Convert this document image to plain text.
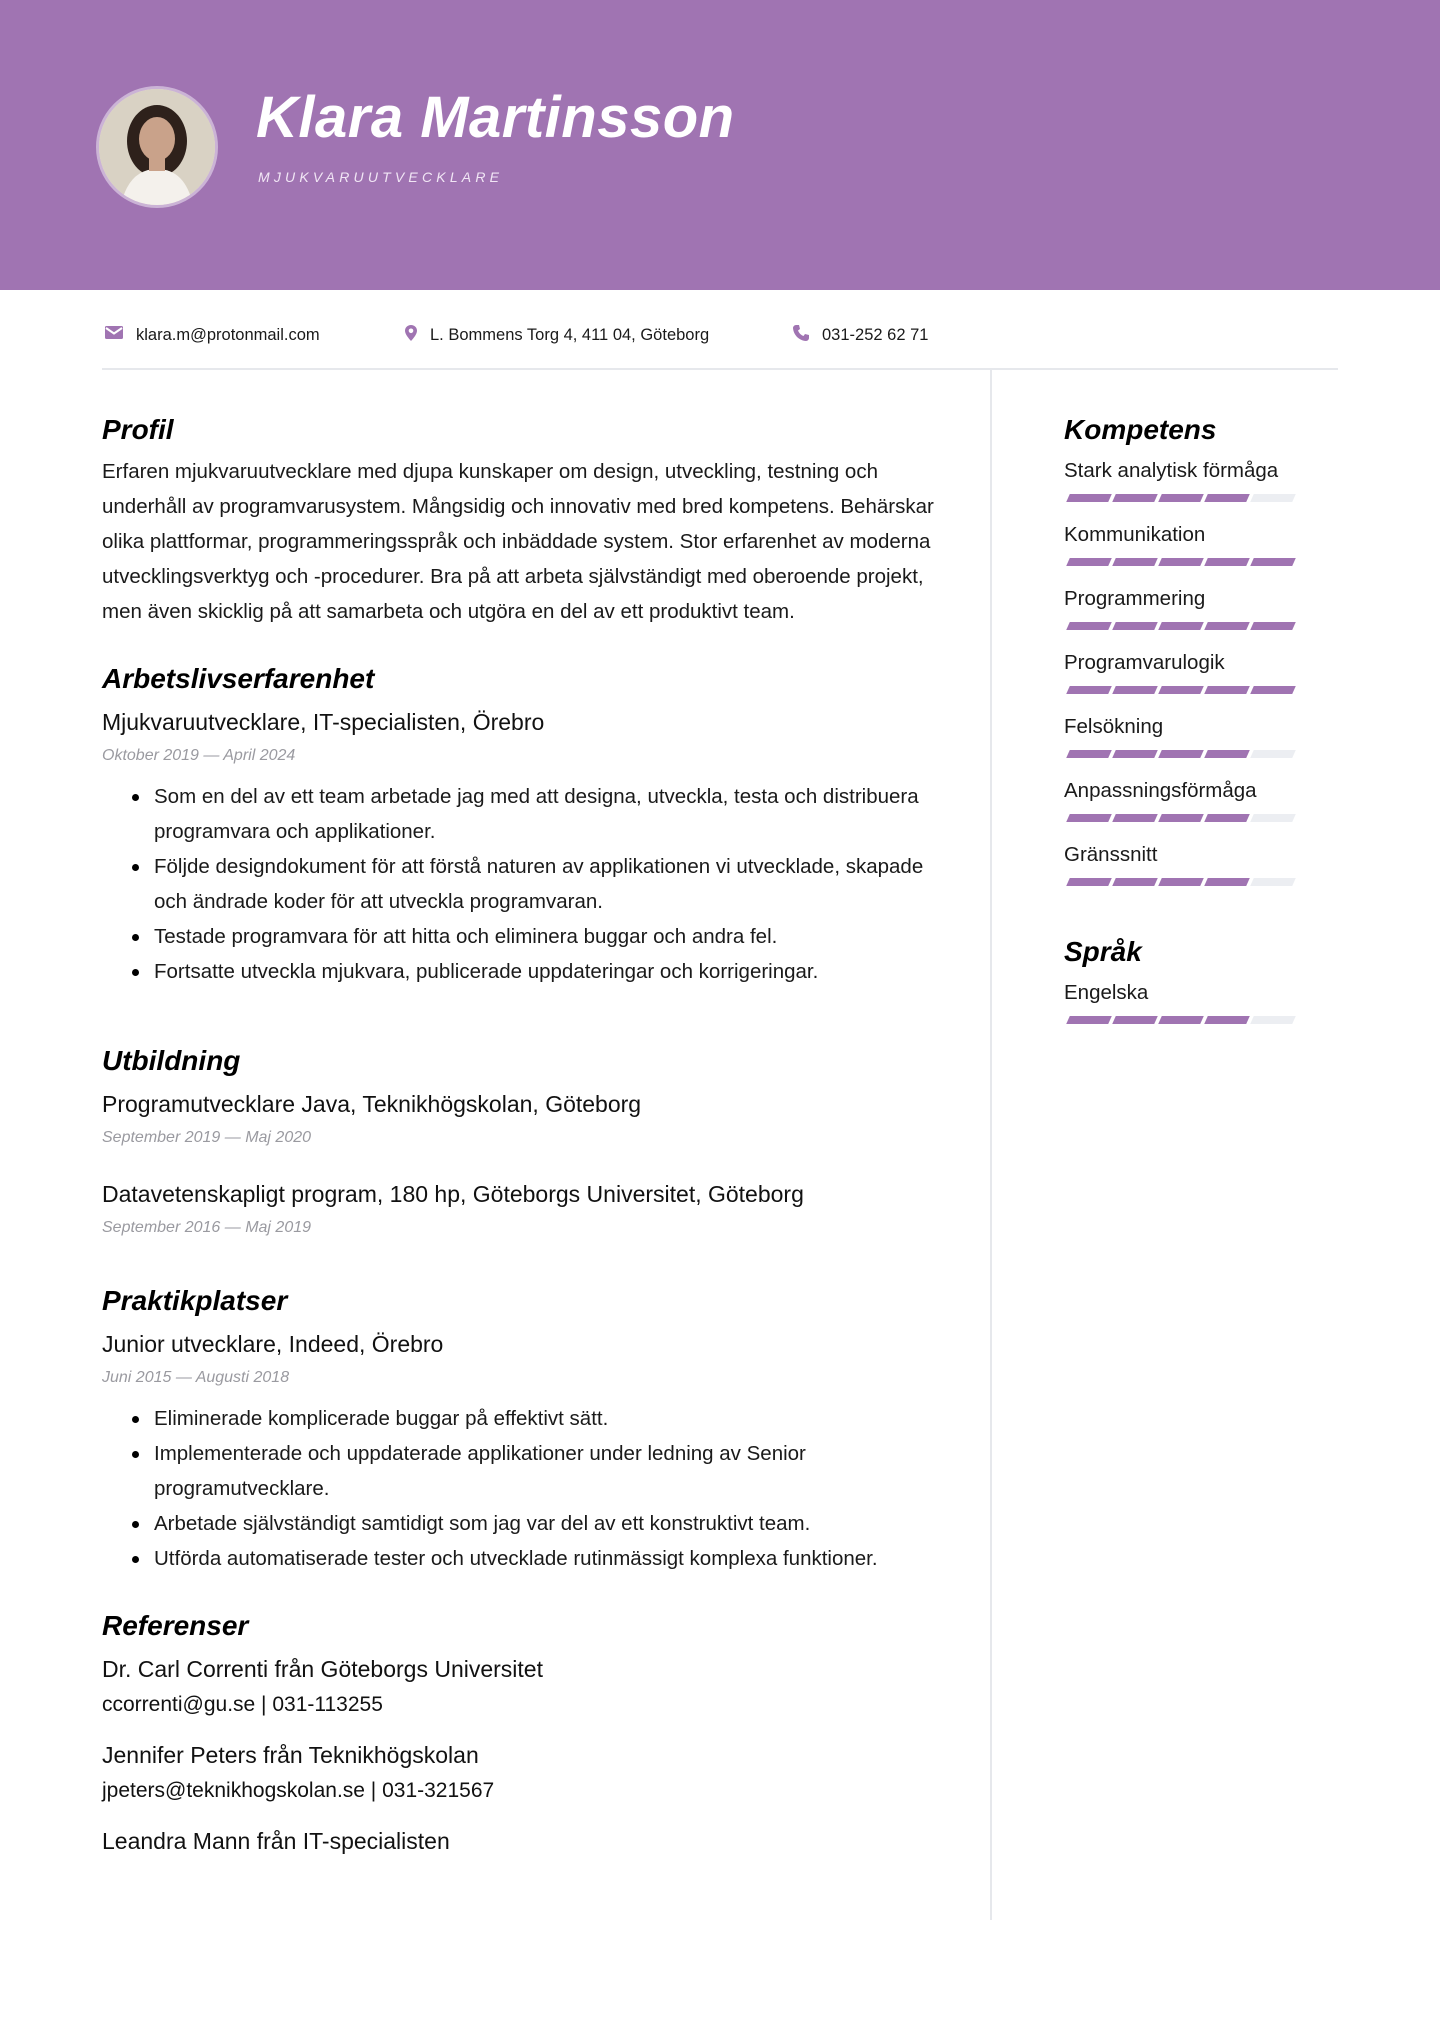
Klara Martinsson
MJUKVARUUTVECKLARE
klara.m@protonmail.com	L. Bommens Torg 4, 411 04, Göteborg	031-252 62 71
Profil
Erfaren mjukvaruutvecklare med djupa kunskaper om design, utveckling, testning och underhåll av programvarusystem. Mångsidig och innovativ med bred kompetens. Behärskar olika plattformar, programmeringsspråk och inbäddade system. Stor erfarenhet av moderna utvecklingsverktyg och -procedurer. Bra på att arbeta självständigt med oberoende projekt, men även skicklig på att samarbeta och utgöra en del av ett produktivt team.
Arbetslivserfarenhet
Mjukvaruutvecklare, IT-specialisten, Örebro
Oktober 2019 — April 2024
Som en del av ett team arbetade jag med att designa, utveckla, testa och distribuera programvara och applikationer.
Följde designdokument för att förstå naturen av applikationen vi utvecklade, skapade och ändrade koder för att utveckla programvaran.
Testade programvara för att hitta och eliminera buggar och andra fel.
Fortsatte utveckla mjukvara, publicerade uppdateringar och korrigeringar.
Utbildning
Programutvecklare Java, Teknikhögskolan, Göteborg
September 2019 — Maj 2020
Datavetenskapligt program, 180 hp, Göteborgs Universitet, Göteborg
September 2016 — Maj 2019
Praktikplatser
Junior utvecklare, Indeed, Örebro
Juni 2015 — Augusti 2018
Eliminerade komplicerade buggar på effektivt sätt.
Implementerade och uppdaterade applikationer under ledning av Senior programutvecklare.
Arbetade självständigt samtidigt som jag var del av ett konstruktivt team.
Utförda automatiserade tester och utvecklade rutinmässigt komplexa funktioner.
Referenser
Dr. Carl Correnti från Göteborgs Universitet
ccorrenti@gu.se | 031-113255
Jennifer Peters från Teknikhögskolan
jpeters@teknikhogskolan.se | 031-321567
Leandra Mann från IT-specialisten
Kompetens
Stark analytisk förmåga
Kommunikation
Programmering
Programvarulogik
Felsökning
Anpassningsförmåga
Gränssnitt
Språk
Engelska
